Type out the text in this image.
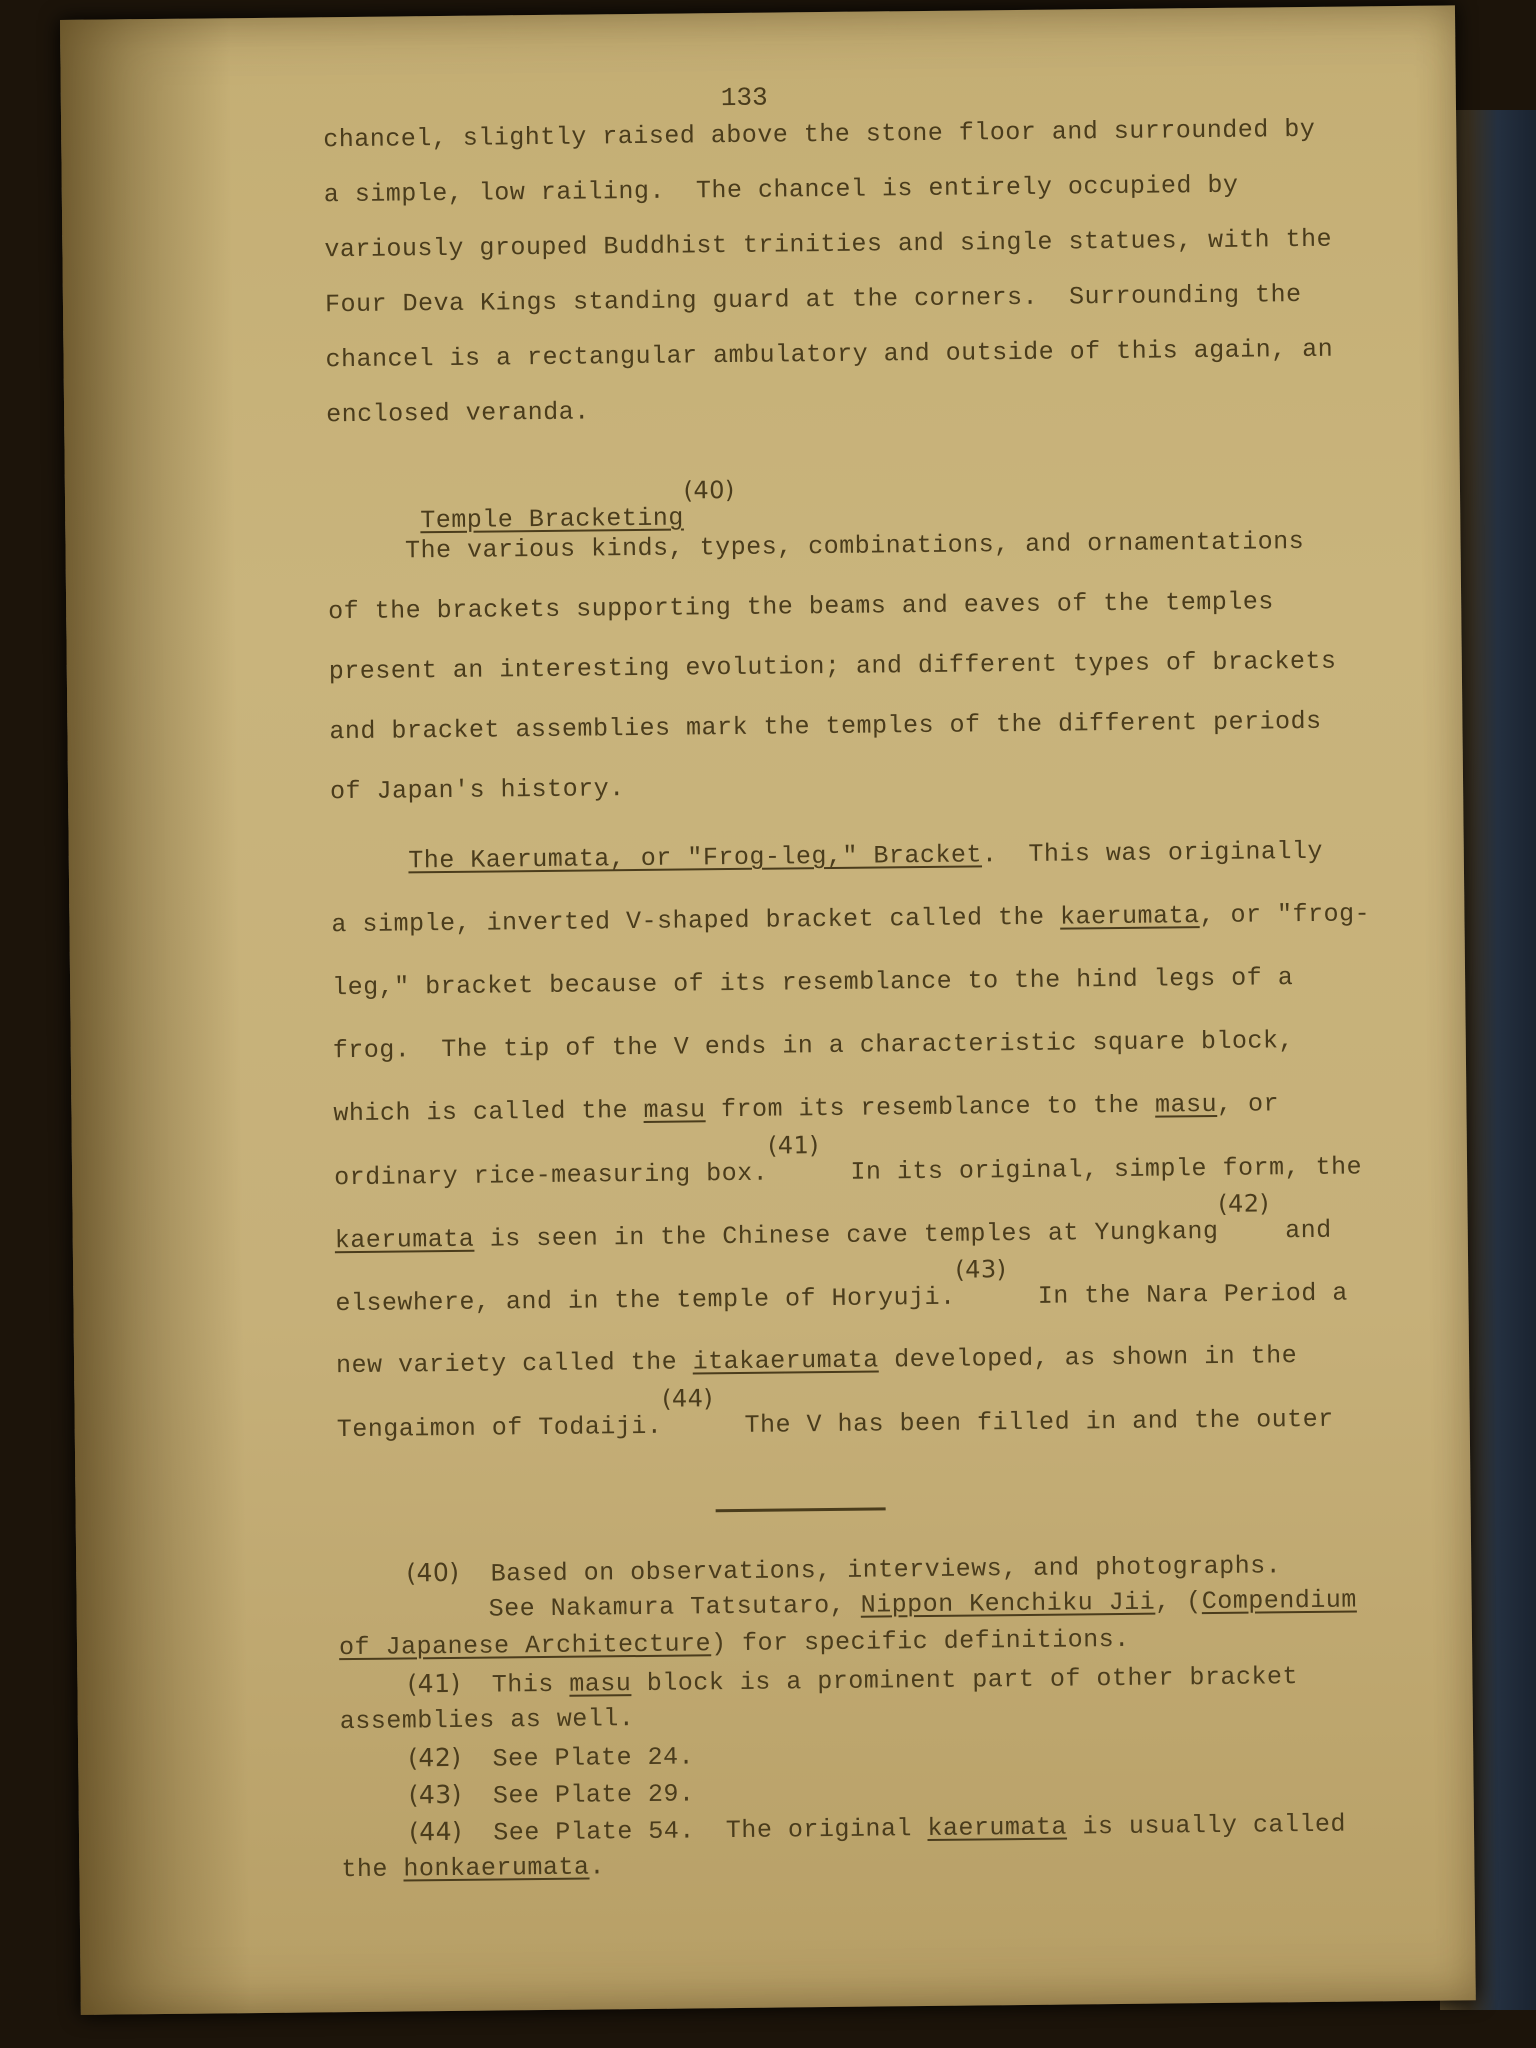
133
chancel, slightly raised above the stone floor and surrounded by
a simple, low railing.  The chancel is entirely occupied by
variously grouped Buddhist trinities and single statues, with the
Four Deva Kings standing guard at the corners.  Surrounding the
chancel is a rectangular ambulatory and outside of this again, an
enclosed veranda.

Temple Bracketing(40)

The various kinds, types, combinations, and ornamentations
of the brackets supporting the beams and eaves of the temples
present an interesting evolution; and different types of brackets
and bracket assemblies mark the temples of the different periods
of Japan's history.
The Kaerumata, or "Frog-leg," Bracket.  This was originally
a simple, inverted V-shaped bracket called the kaerumata, or "frog-
leg," bracket because of its resemblance to the hind legs of a
frog.  The tip of the V ends in a characteristic square block,
which is called the masu from its resemblance to the masu, or
ordinary rice-measuring box.(41)  In its original, simple form, the
kaerumata is seen in the Chinese cave temples at Yungkang(42) and
elsewhere, and in the temple of Horyuji.(43)  In the Nara Period a
new variety called the itakaerumata developed, as shown in the
Tengaimon of Todaiji.(44)  The V has been filled in and the outer
(40)  Based on observations, interviews, and photographs.
See Nakamura Tatsutaro, Nippon Kenchiku Jii, (Compendium
of Japanese Architecture) for specific definitions.
(41)  This masu block is a prominent part of other bracket
assemblies as well.
(42)  See Plate 24.
(43)  See Plate 29.
(44)  See Plate 54.  The original kaerumata is usually called
the honkaerumata.
